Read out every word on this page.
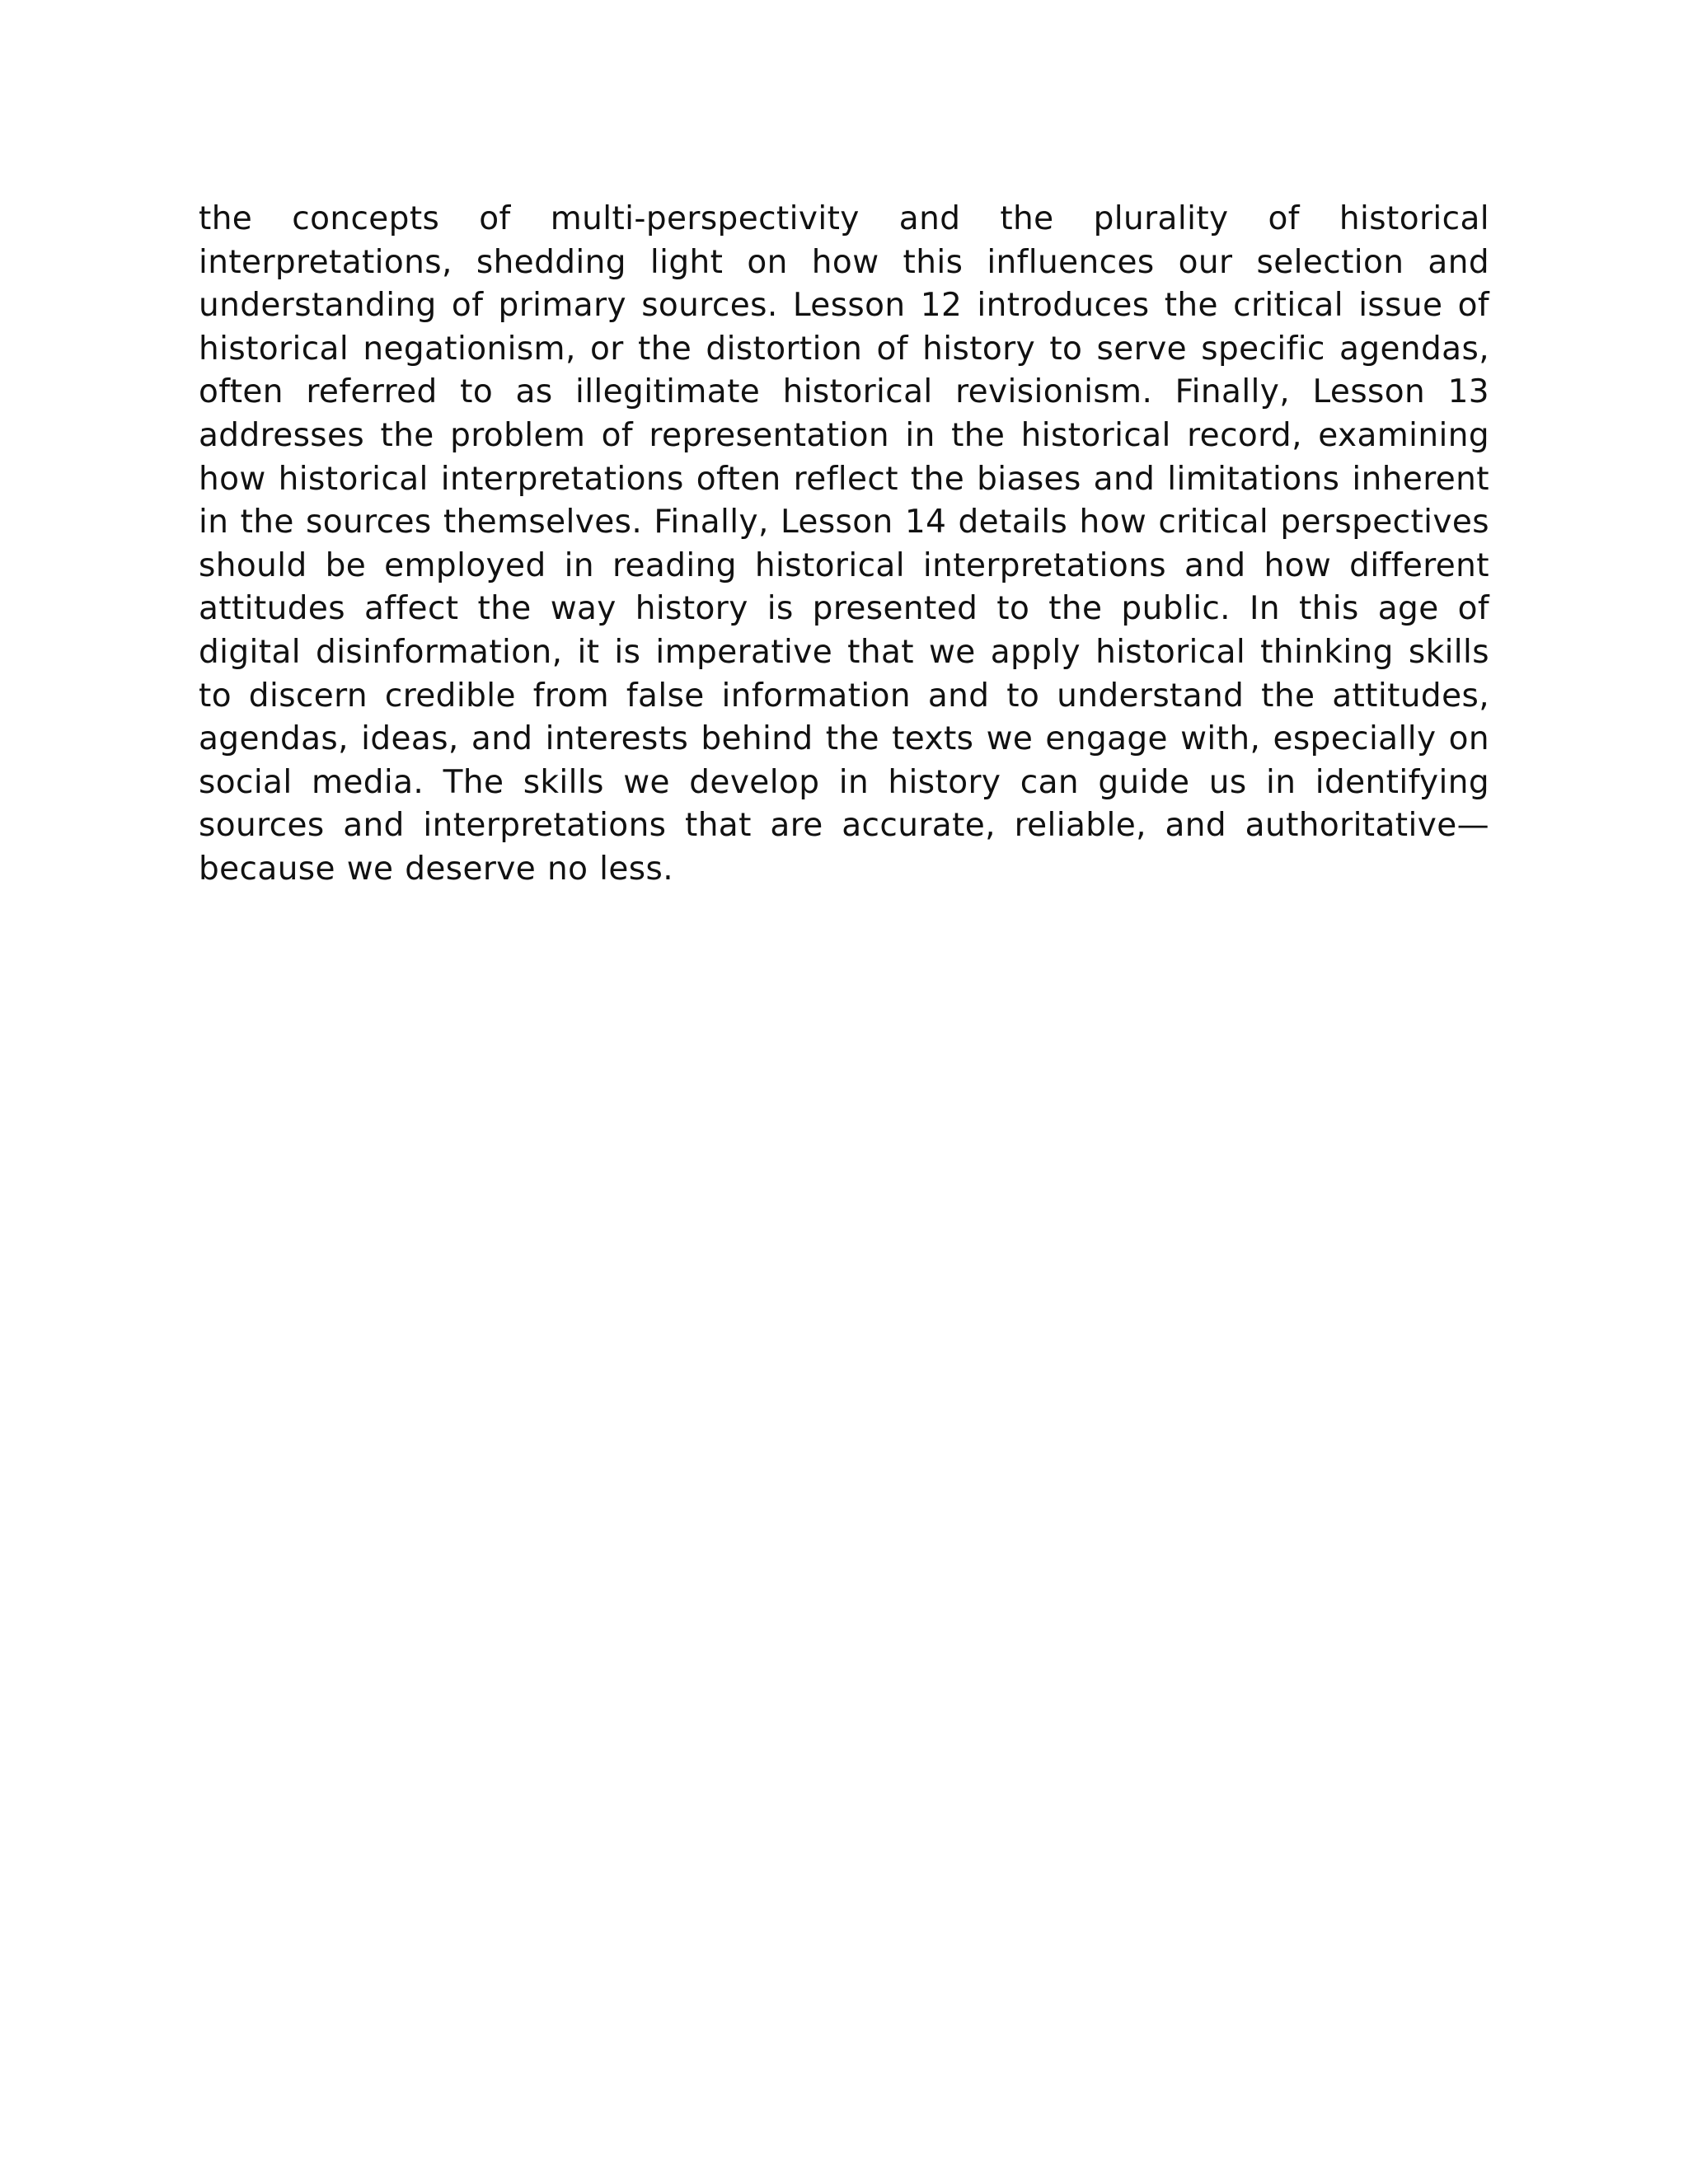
the concepts of multi-perspectivity and the plurality of historical
interpretations, shedding light on how this influences our selection and
understanding of primary sources. Lesson 12 introduces the critical issue of
historical negationism, or the distortion of history to serve specific agendas,
often referred to as illegitimate historical revisionism. Finally, Lesson 13
addresses the problem of representation in the historical record, examining
how historical interpretations often reflect the biases and limitations inherent
in the sources themselves. Finally, Lesson 14 details how critical perspectives
should be employed in reading historical interpretations and how different
attitudes affect the way history is presented to the public. In this age of
digital disinformation, it is imperative that we apply historical thinking skills
to discern credible from false information and to understand the attitudes,
agendas, ideas, and interests behind the texts we engage with, especially on
social media. The skills we develop in history can guide us in identifying
sources and interpretations that are accurate, reliable, and authoritative—
because we deserve no less.
